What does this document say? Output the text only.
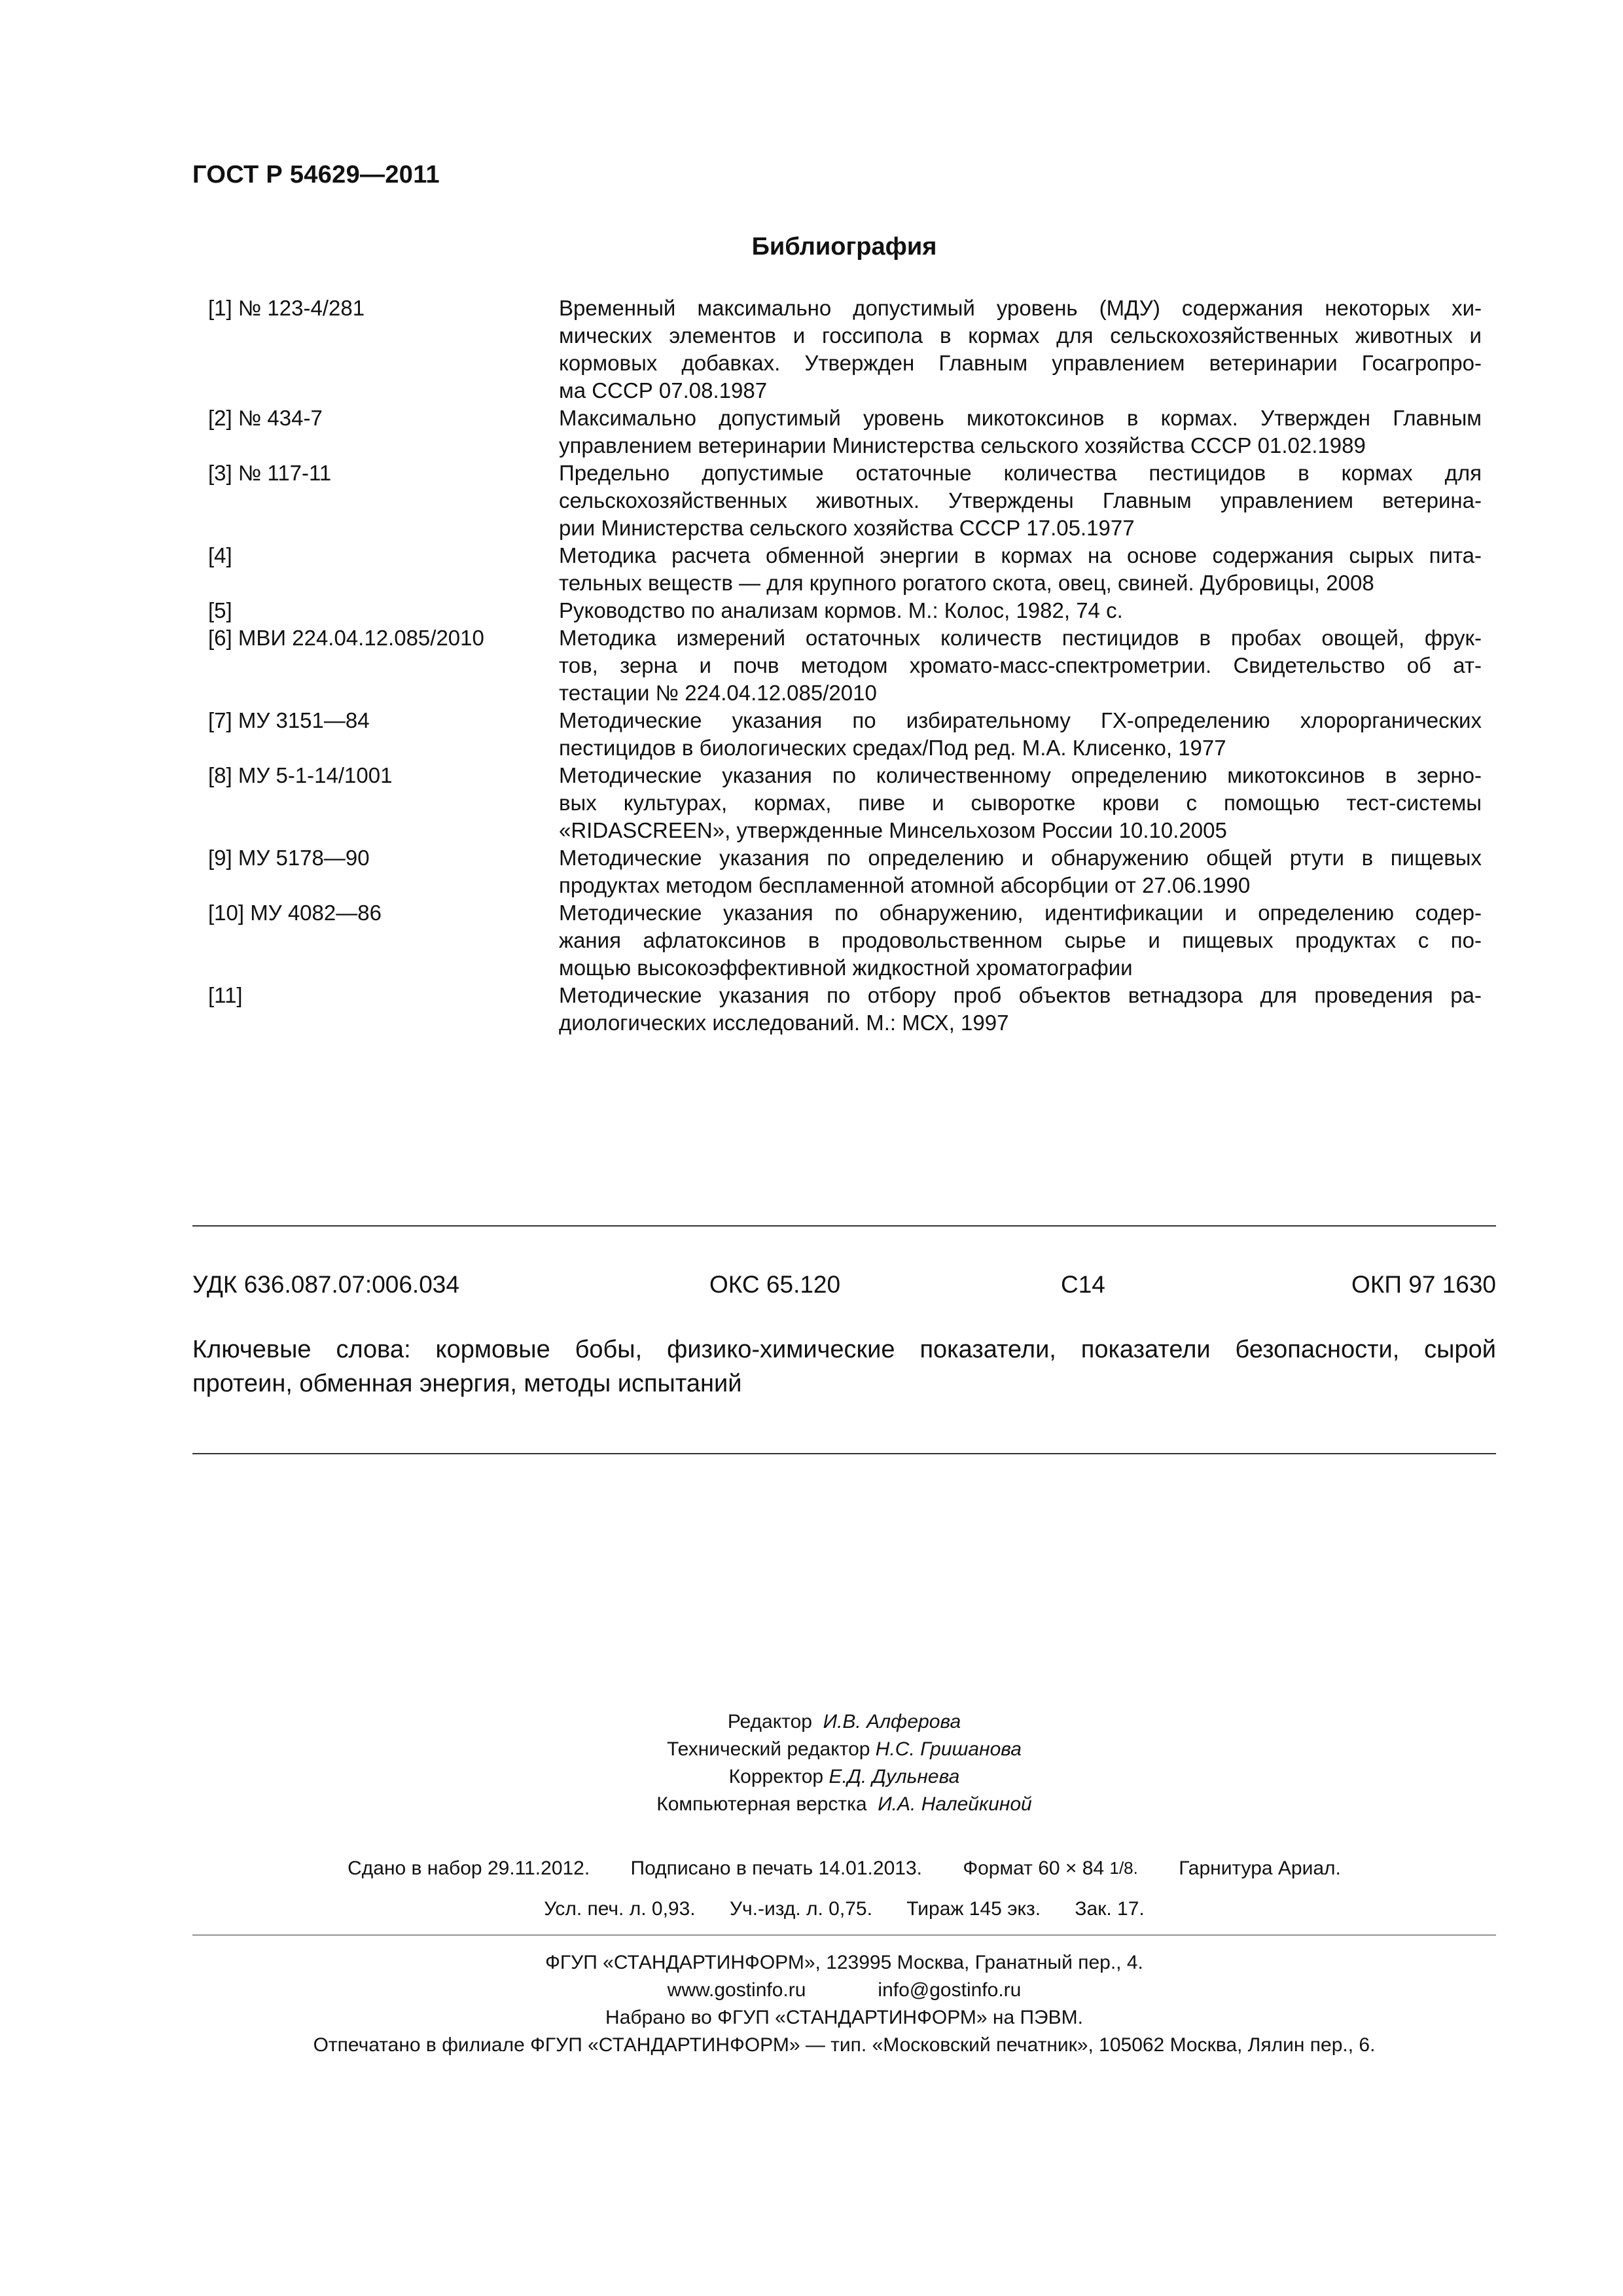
ГОСТ Р 54629—2011
Библиография
[1] № 123-4/281	Временный максимально допустимый уровень (МДУ) содержания некоторых хи-
мических элементов и госсипола в кормах для сельскохозяйственных животных и
кормовых добавках. Утвержден Главным управлением ветеринарии Госагропро-
ма СССР 07.08.1987
[2] № 434-7	Максимально допустимый уровень микотоксинов в кормах. Утвержден Главным
управлением ветеринарии Министерства сельского хозяйства СССР 01.02.1989
[3] № 117-11	Предельно допустимые остаточные количества пестицидов в кормах для
сельскохозяйственных животных. Утверждены Главным управлением ветерина-
рии Министерства сельского хозяйства СССР 17.05.1977
[4]	Методика расчета обменной энергии в кормах на основе содержания сырых пита-
тельных веществ — для крупного рогатого скота, овец, свиней. Дубровицы, 2008
[5]	Руководство по анализам кормов. М.: Колос, 1982, 74 с.
[6] МВИ 224.04.12.085/2010	Методика измерений остаточных количеств пестицидов в пробах овощей, фрук-
тов, зерна и почв методом хромато-масс-спектрометрии. Свидетельство об ат-
тестации № 224.04.12.085/2010
[7] МУ 3151—84	Методические указания по избирательному ГХ-определению хлорорганических
пестицидов в биологических средах/Под ред. М.А. Клисенко, 1977
[8] МУ 5-1-14/1001	Методические указания по количественному определению микотоксинов в зерно-
вых культурах, кормах, пиве и сыворотке крови с помощью тест-системы
«RIDASCREEN», утвержденные Минсельхозом России 10.10.2005
[9] МУ 5178—90	Методические указания по определению и обнаружению общей ртути в пищевых
продуктах методом беспламенной атомной абсорбции от 27.06.1990
[10] МУ 4082—86	Методические указания по обнаружению, идентификации и определению содер-
жания афлатоксинов в продовольственном сырье и пищевых продуктах с по-
мощью высокоэффективной жидкостной хроматографии
[11]	Методические указания по отбору проб объектов ветнадзора для проведения ра-
диологических исследований. М.: МСХ, 1997
УДК 636.087.07:006.034	ОКС 65.120	С14	ОКП 97 1630
Ключевые слова: кормовые бобы, физико-химические показатели, показатели безопасности, сырой
протеин, обменная энергия, методы испытаний
Редактор И.В. Алферова
Технический редактор Н.С. Гришанова
Корректор Е.Д. Дульнева
Компьютерная верстка И.А. Налейкиной
Сдано в набор 29.11.2012. Подписано в печать 14.01.2013. Формат 60 × 84 1/8. Гарнитура Ариал.
Усл. печ. л. 0,93. Уч.-изд. л. 0,75. Тираж 145 экз. Зак. 17.
ФГУП «СТАНДАРТИНФОРМ», 123995 Москва, Гранатный пер., 4.
www.gostinfo.ru	info@gostinfo.ru
Набрано во ФГУП «СТАНДАРТИНФОРМ» на ПЭВМ.
Отпечатано в филиале ФГУП «СТАНДАРТИНФОРМ» — тип. «Московский печатник», 105062 Москва, Лялин пер., 6.
